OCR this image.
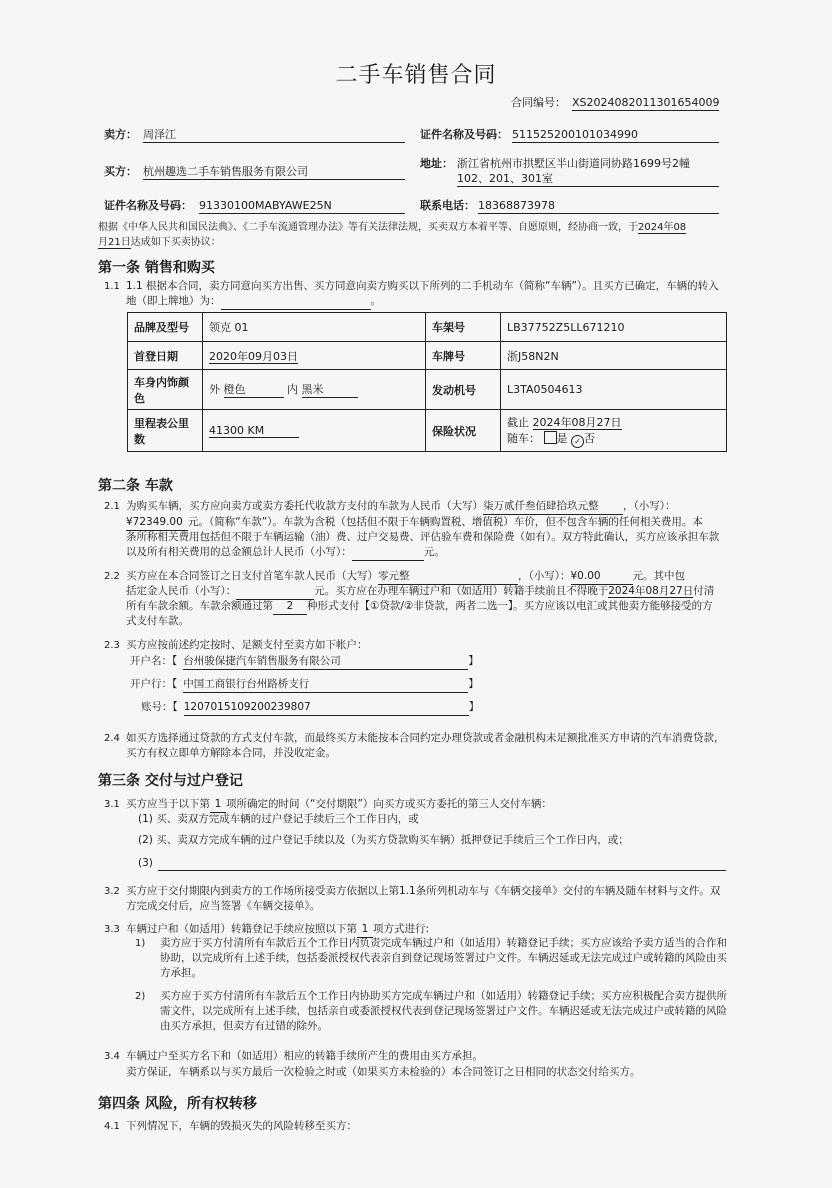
二手车销售合同
合同编号： XS2024082011301654009
卖方： 周泽江	证件名称及号码： 511525200101034990
买方： 杭州趣选二手车销售服务有限公司
地址： 浙江省杭州市拱墅区半山街道同协路1699号2幢
102、201、301室
证件名称及号码： 91330100MABYAWE25N	联系电话： 18368873978
根据《中华人民共和国民法典》、《二手车流通管理办法》等有关法律法规，买卖双方本着平等、自愿原则，经协商一致，于2024年08
月21日达成如下买卖协议：
第一条 销售和购买
1.1 1.1 根据本合同，卖方同意向买方出售、买方同意向卖方购买以下所列的二手机动车（简称“车辆”）。且买方已确定，车辆的转入
地（即上牌地）为：	。
品牌及型号	领克 01	车架号	LB37752Z5LL671210
首登日期	2020年09月03日	车牌号	浙J58N2N
车身内饰颜色	外 橙色 内 黑米	发动机号	L3TA0504613
里程表公里数	41300 KM	保险状况	截止 2024年08月27日
随车： 是 ✓ 否
第二条 车款
2.1 为购买车辆，买方应向卖方或卖方委托代收款方支付的车款为人民币（大写）柒万贰仟叁佰肆拾玖元整 ，（小写）：
¥72349.00 元。（简称“车款”）。车款为含税（包括但不限于车辆购置税、增值税）车价，但不包含车辆的任何相关费用。本
条所称相关费用包括但不限于车辆运输（油）费、过户交易费、评估验车费和保险费（如有）。双方特此确认，买方应该承担车款
以及所有相关费用的总金额总计人民币（小写）：	元。
2.2 买方应在本合同签订之日支付首笔车款人民币（大写）零元整	，（小写）：¥0.00	元。其中包
括定金人民币（小写）：	元。买方应在办理车辆过户和（如适用）转籍手续前且不得晚于2024年08月27日付清
所有车款余额。车款余额通过第 2 种形式支付【①贷款/②非贷款，两者二选一】。买方应该以电汇或其他卖方能够接受的方
式支付车款。
2.3 买方应按前述约定按时、足额支付至卖方如下帐户：
开户名：【 台州骏保捷汽车销售服务有限公司	】
开户行：【 中国工商银行台州路桥支行	】
账号：【 1207015109200239807	】
2.4 如买方选择通过贷款的方式支付车款，而最终买方未能按本合同约定办理贷款或者金融机构未足额批准买方申请的汽车消费贷款，
买方有权立即单方解除本合同，并没收定金。
第三条 交付与过户登记
3.1 买方应当于以下第 1 项所确定的时间（“交付期限”）向买方或买方委托的第三人交付车辆：
(1) 买、卖双方完成车辆的过户登记手续后三个工作日内，或
(2) 买、卖双方完成车辆的过户登记手续以及（为买方贷款购买车辆）抵押登记手续后三个工作日内，或；
(3)
3.2 买方应于交付期限内到卖方的工作场所接受卖方依据以上第1.1条所列机动车与《车辆交接单》交付的车辆及随车材料与文件。双
方完成交付后，应当签署《车辆交接单》。
3.3 车辆过户和（如适用）转籍登记手续应按照以下第 1 项方式进行:
1) 卖方应于买方付清所有车款后五个工作日内负责完成车辆过户和（如适用）转籍登记手续；买方应该给予卖方适当的合作和
协助，以完成所有上述手续，包括委派授权代表亲自到登记现场签署过户文件。车辆迟延或无法完成过户或转籍的风险由买
方承担。
2) 买方应于买方付清所有车款后五个工作日内协助买方完成车辆过户和（如适用）转籍登记手续；买方应积极配合卖方提供所
需文件，以完成所有上述手续，包括亲自或委派授权代表到登记现场签署过户文件。车辆迟延或无法完成过户或转籍的风险
由买方承担，但卖方有过错的除外。
3.4 车辆过户至买方名下和（如适用）相应的转籍手续所产生的费用由买方承担。
卖方保证，车辆系以与买方最后一次检验之时或（如果买方未检验的）本合同签订之日相同的状态交付给买方。
第四条 风险，所有权转移
4.1 下列情况下，车辆的毁损灭失的风险转移至买方：
